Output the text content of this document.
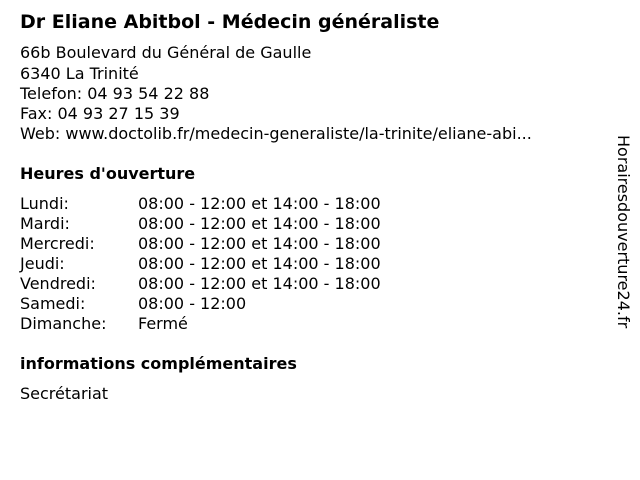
Dr Eliane Abitbol - Médecin généraliste
66b Boulevard du Général de Gaulle
6340 La Trinité
Telefon: 04 93 54 22 88
Fax: 04 93 27 15 39
Web: www.doctolib.fr/medecin-generaliste/la-trinite/eliane-abi...
Heures d'ouverture
Lundi:	08:00 - 12:00 et 14:00 - 18:00
Mardi:	08:00 - 12:00 et 14:00 - 18:00
Mercredi:	08:00 - 12:00 et 14:00 - 18:00
Jeudi:	08:00 - 12:00 et 14:00 - 18:00
Vendredi:	08:00 - 12:00 et 14:00 - 18:00
Samedi:	08:00 - 12:00
Dimanche: Fermé
informations complémentaires
Secrétariat
Horairesdouverture24.fr
